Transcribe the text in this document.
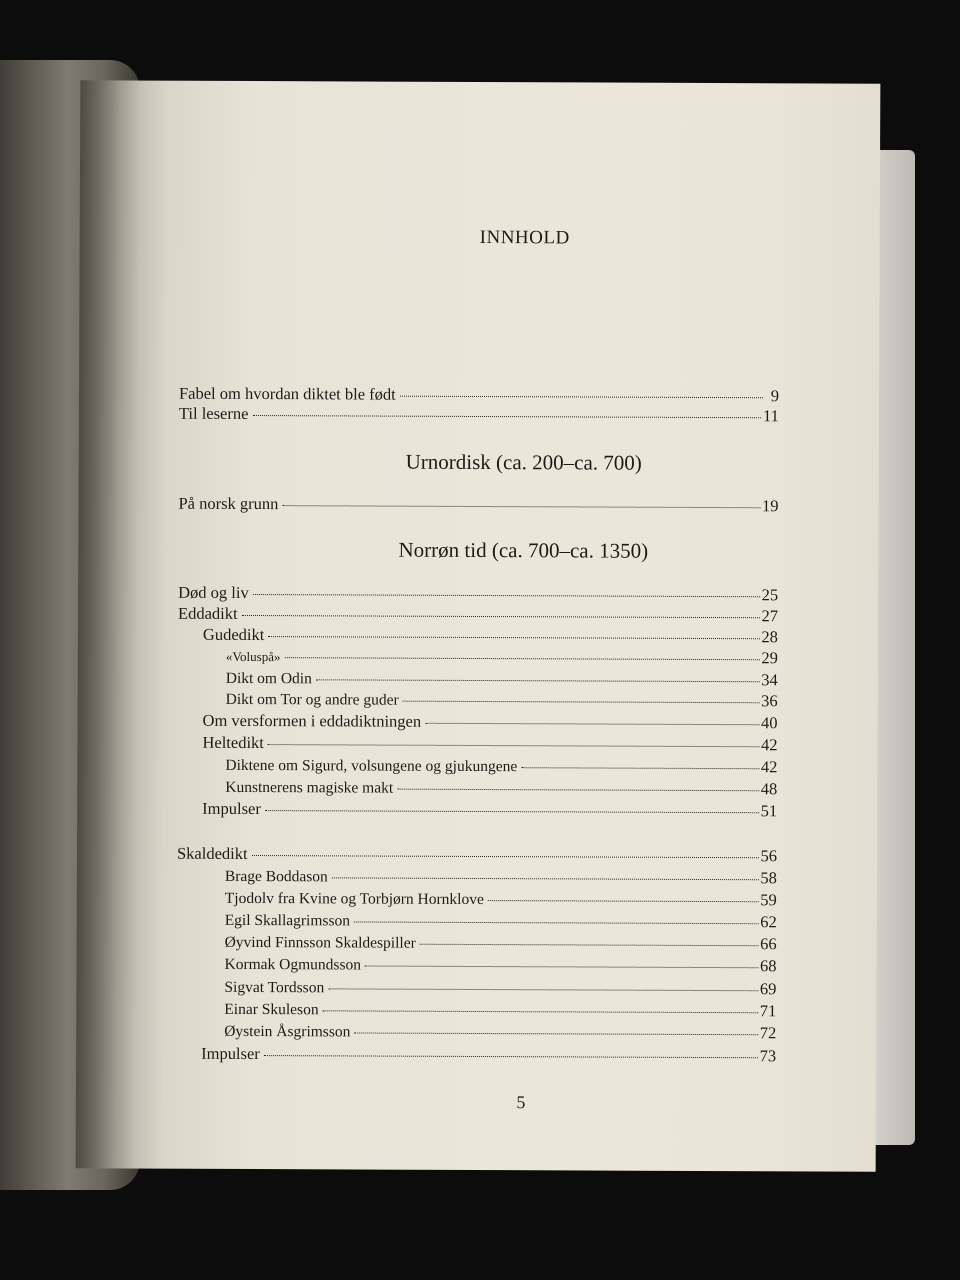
INNHOLD
Fabel om hvordan diktet ble født	9
Til leserne	11
Urnordisk (ca. 200–ca. 700)
På norsk grunn	19
Norrøn tid (ca. 700–ca. 1350)
Død og liv	25
Eddadikt	27
Gudedikt	28
«Voluspå»	29
Dikt om Odin	34
Dikt om Tor og andre guder	36
Om versformen i eddadiktningen	40
Heltedikt	42
Diktene om Sigurd, volsungene og gjukungene	42
Kunstnerens magiske makt	48
Impulser	51
Skaldedikt	56
Brage Boddason	58
Tjodolv fra Kvine og Torbjørn Hornklove	59
Egil Skallagrimsson	62
Øyvind Finnsson Skaldespiller	66
Kormak Ogmundsson	68
Sigvat Tordsson	69
Einar Skuleson	71
Øystein Åsgrimsson	72
Impulser	73
5
